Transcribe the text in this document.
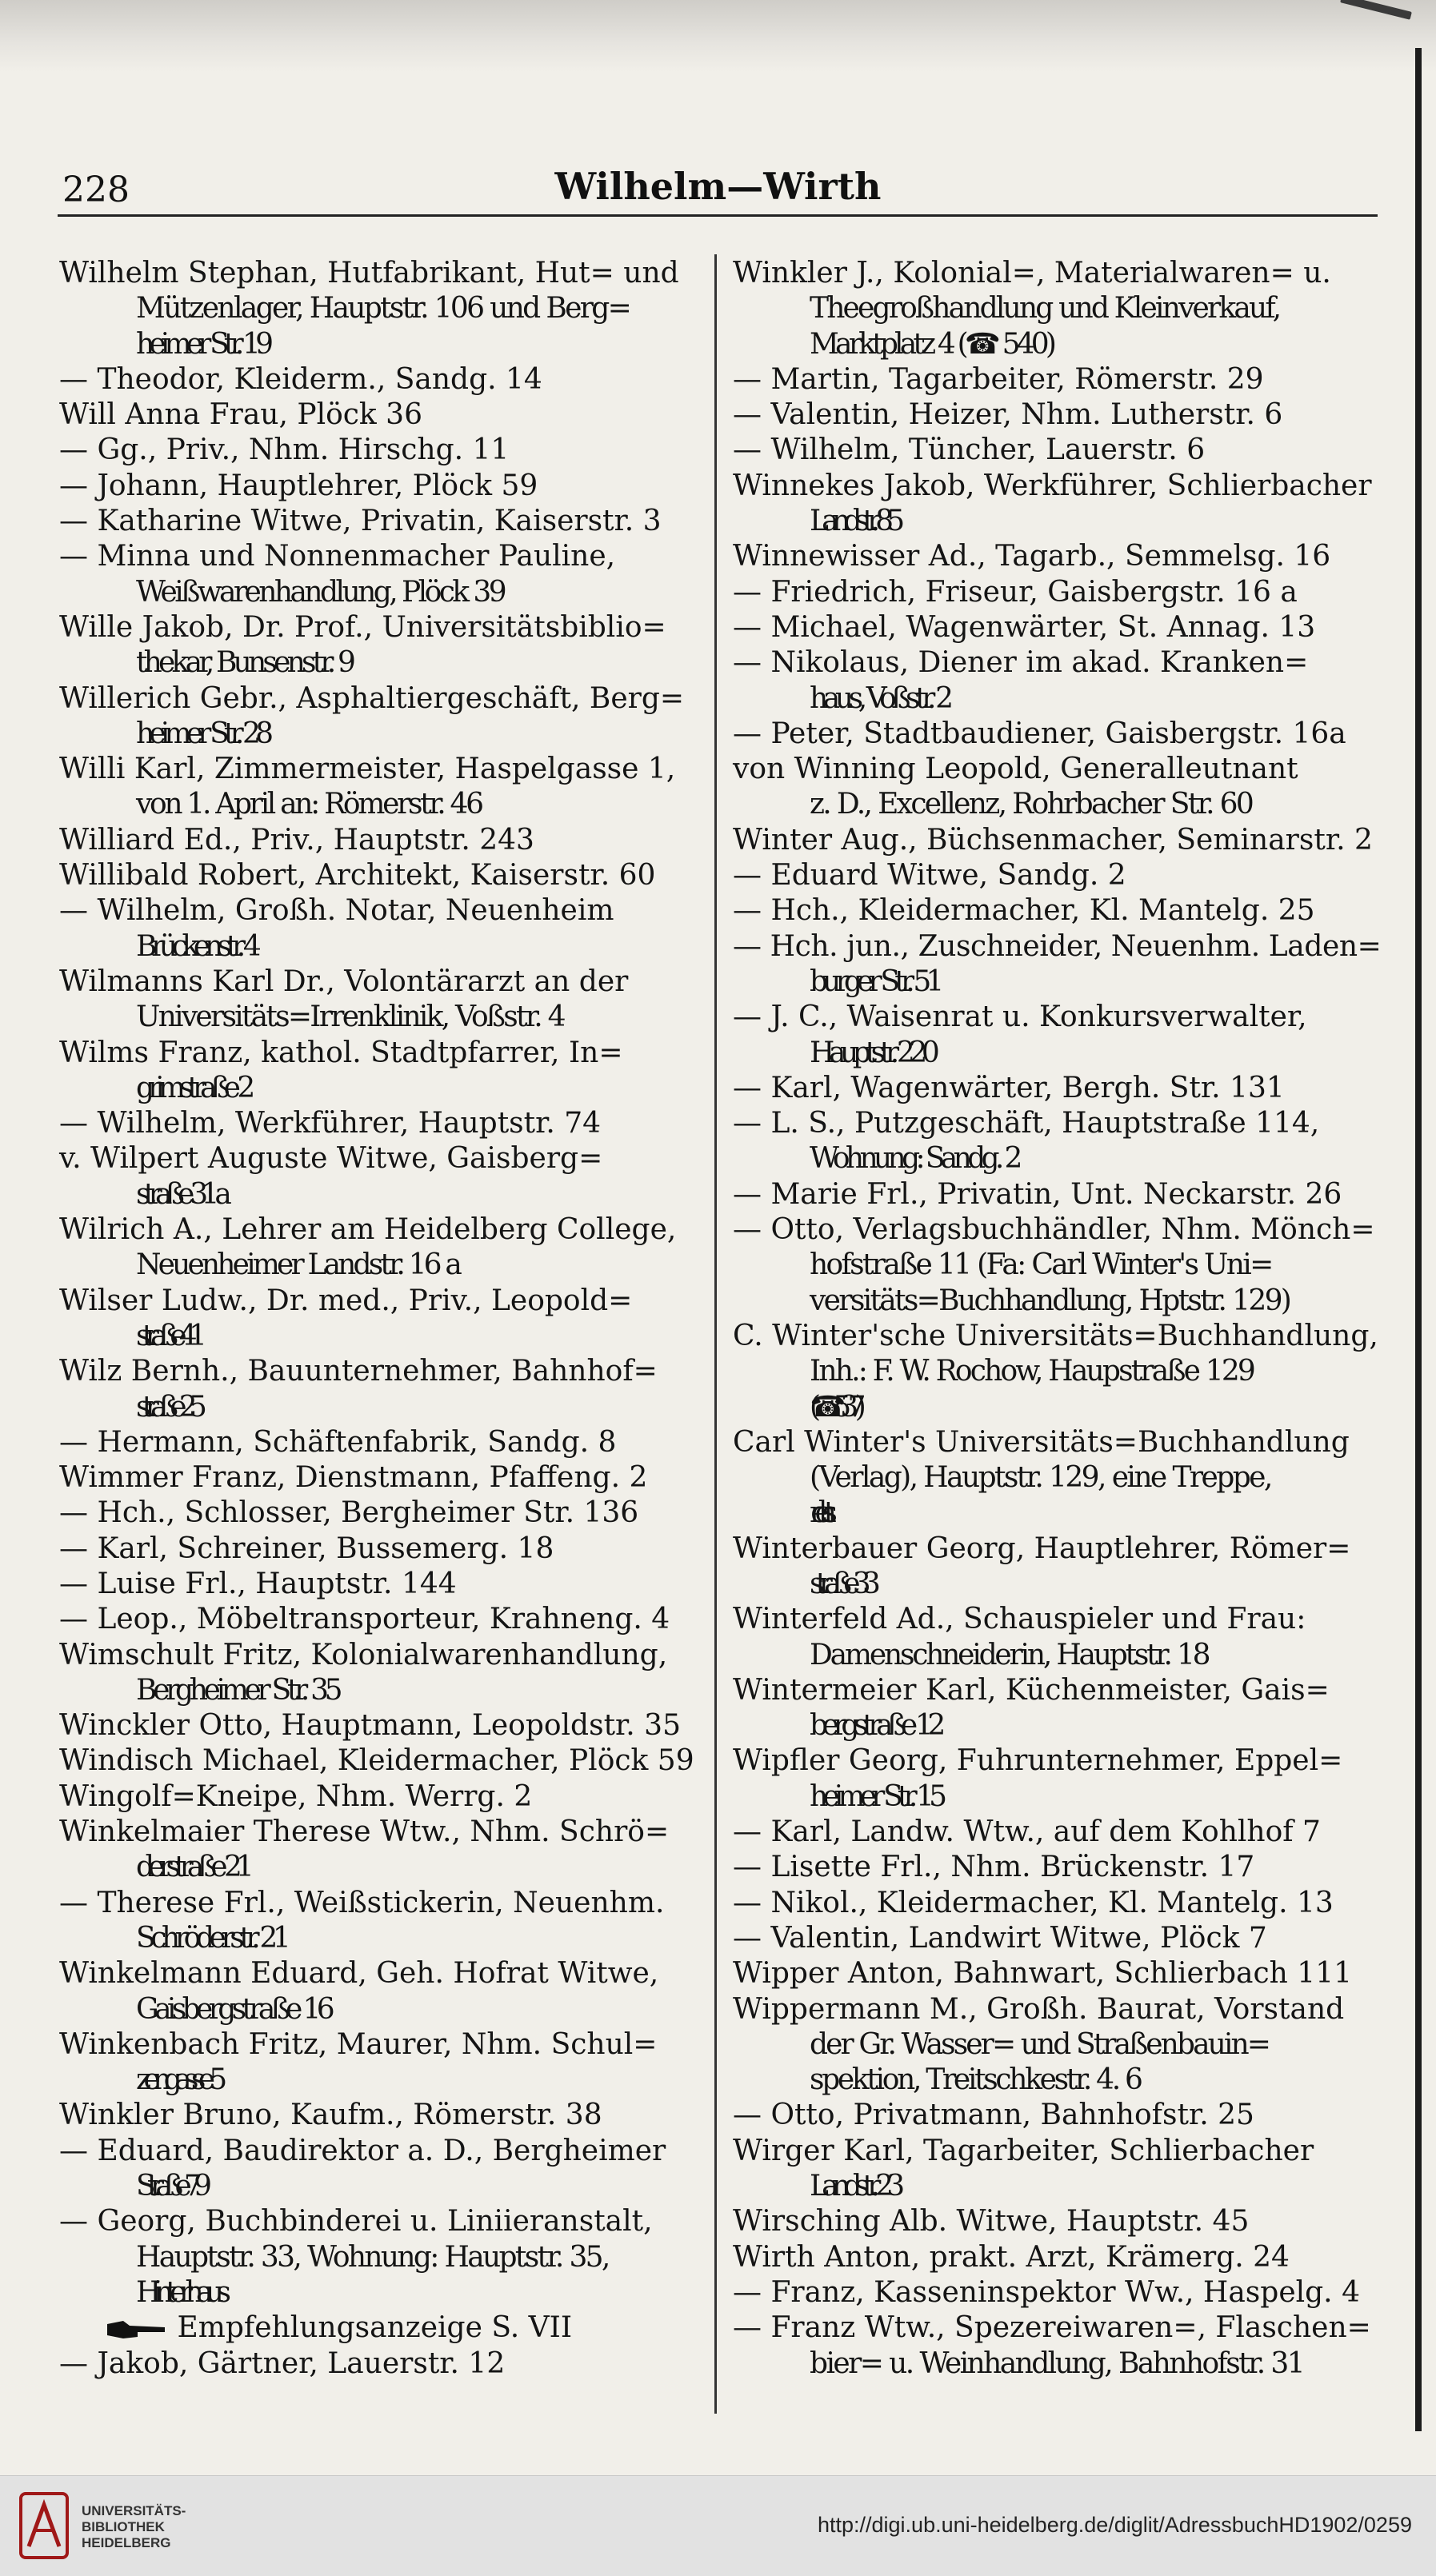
228	Wilhelm—Wirth
Wilhelm Stephan, Hutfabrikant, Hut= und
Mützenlager, Hauptstr. 106 und Berg=
heimer Str. 19
— Theodor, Kleiderm., Sandg. 14
Will Anna Frau, Plöck 36
— Gg., Priv., Nhm. Hirschg. 11
— Johann, Hauptlehrer, Plöck 59
— Katharine Witwe, Privatin, Kaiserstr. 3
— Minna und Nonnenmacher Pauline,
Weißwarenhandlung, Plöck 39
Wille Jakob, Dr. Prof., Universitätsbiblio=
thekar, Bunsenstr. 9
Willerich Gebr., Asphaltiergeschäft, Berg=
heimer Str. 28
Willi Karl, Zimmermeister, Haspelgasse 1,
von 1. April an: Römerstr. 46
Williard Ed., Priv., Hauptstr. 243
Willibald Robert, Architekt, Kaiserstr. 60
— Wilhelm, Großh. Notar, Neuenheim
Brückenstr. 4
Wilmanns Karl Dr., Volontärarzt an der
Universitäts=Irrenklinik, Voßstr. 4
Wilms Franz, kathol. Stadtpfarrer, In=
grimstraße 2
— Wilhelm, Werkführer, Hauptstr. 74
v. Wilpert Auguste Witwe, Gaisberg=
straße 31 a
Wilrich A., Lehrer am Heidelberg College,
Neuenheimer Landstr. 16 a
Wilser Ludw., Dr. med., Priv., Leopold=
straße 41
Wilz Bernh., Bauunternehmer, Bahnhof=
straße 25
— Hermann, Schäftenfabrik, Sandg. 8
Wimmer Franz, Dienstmann, Pfaffeng. 2
— Hch., Schlosser, Bergheimer Str. 136
— Karl, Schreiner, Bussemerg. 18
— Luise Frl., Hauptstr. 144
— Leop., Möbeltransporteur, Krahneng. 4
Wimschult Fritz, Kolonialwarenhandlung,
Bergheimer Str. 35
Winckler Otto, Hauptmann, Leopoldstr. 35
Windisch Michael, Kleidermacher, Plöck 59
Wingolf=Kneipe, Nhm. Werrg. 2
Winkelmaier Therese Wtw., Nhm. Schrö=
derstraße 21
— Therese Frl., Weißstickerin, Neuenhm.
Schröderstr. 21
Winkelmann Eduard, Geh. Hofrat Witwe,
Gaisbergstraße 16
Winkenbach Fritz, Maurer, Nhm. Schul=
zengasse 5
Winkler Bruno, Kaufm., Römerstr. 38
— Eduard, Baudirektor a. D., Bergheimer
Straße 79
— Georg, Buchbinderei u. Liniieranstalt,
Hauptstr. 33, Wohnung: Hauptstr. 35,
Hinterhaus
Empfehlungsanzeige S. VII
— Jakob, Gärtner, Lauerstr. 12
Winkler J., Kolonial=, Materialwaren= u.
Theegroßhandlung und Kleinverkauf,
Marktplatz 4 (☎ 540)
— Martin, Tagarbeiter, Römerstr. 29
— Valentin, Heizer, Nhm. Lutherstr. 6
— Wilhelm, Tüncher, Lauerstr. 6
Winnekes Jakob, Werkführer, Schlierbacher
Landstr. 85
Winnewisser Ad., Tagarb., Semmelsg. 16
— Friedrich, Friseur, Gaisbergstr. 16 a
— Michael, Wagenwärter, St. Annag. 13
— Nikolaus, Diener im akad. Kranken=
haus, Voßstr. 2
— Peter, Stadtbaudiener, Gaisbergstr. 16a
von Winning Leopold, Generalleutnant
z. D., Excellenz, Rohrbacher Str. 60
Winter Aug., Büchsenmacher, Seminarstr. 2
— Eduard Witwe, Sandg. 2
— Hch., Kleidermacher, Kl. Mantelg. 25
— Hch. jun., Zuschneider, Neuenhm. Laden=
burger Str. 51
— J. C., Waisenrat u. Konkursverwalter,
Hauptstr. 220
— Karl, Wagenwärter, Bergh. Str. 131
— L. S., Putzgeschäft, Hauptstraße 114,
Wohnung: Sandg. 2
— Marie Frl., Privatin, Unt. Neckarstr. 26
— Otto, Verlagsbuchhändler, Nhm. Mönch=
hofstraße 11 (Fa: Carl Winter's Uni=
versitäts=Buchhandlung, Hptstr. 129)
C. Winter'sche Universitäts=Buchhandlung,
Inh.: F. W. Rochow, Haupstraße 129
(☎ 537)
Carl Winter's Universitäts=Buchhandlung
(Verlag), Hauptstr. 129, eine Treppe,
rechts
Winterbauer Georg, Hauptlehrer, Römer=
straße 33
Winterfeld Ad., Schauspieler und Frau:
Damenschneiderin, Hauptstr. 18
Wintermeier Karl, Küchenmeister, Gais=
bergstraße 12
Wipfler Georg, Fuhrunternehmer, Eppel=
heimer Str. 15
— Karl, Landw. Wtw., auf dem Kohlhof 7
— Lisette Frl., Nhm. Brückenstr. 17
— Nikol., Kleidermacher, Kl. Mantelg. 13
— Valentin, Landwirt Witwe, Plöck 7
Wipper Anton, Bahnwart, Schlierbach 111
Wippermann M., Großh. Baurat, Vorstand
der Gr. Wasser= und Straßenbauin=
spektion, Treitschkestr. 4. 6
— Otto, Privatmann, Bahnhofstr. 25
Wirger Karl, Tagarbeiter, Schlierbacher
Landstr. 23
Wirsching Alb. Witwe, Hauptstr. 45
Wirth Anton, prakt. Arzt, Krämerg. 24
— Franz, Kasseninspektor Ww., Haspelg. 4
— Franz Wtw., Spezereiwaren=, Flaschen=
bier= u. Weinhandlung, Bahnhofstr. 31
UNIVERSITÄTS-
BIBLIOTHEK
HEIDELBERG
http://digi.ub.uni-heidelberg.de/diglit/AdressbuchHD1902/0259
